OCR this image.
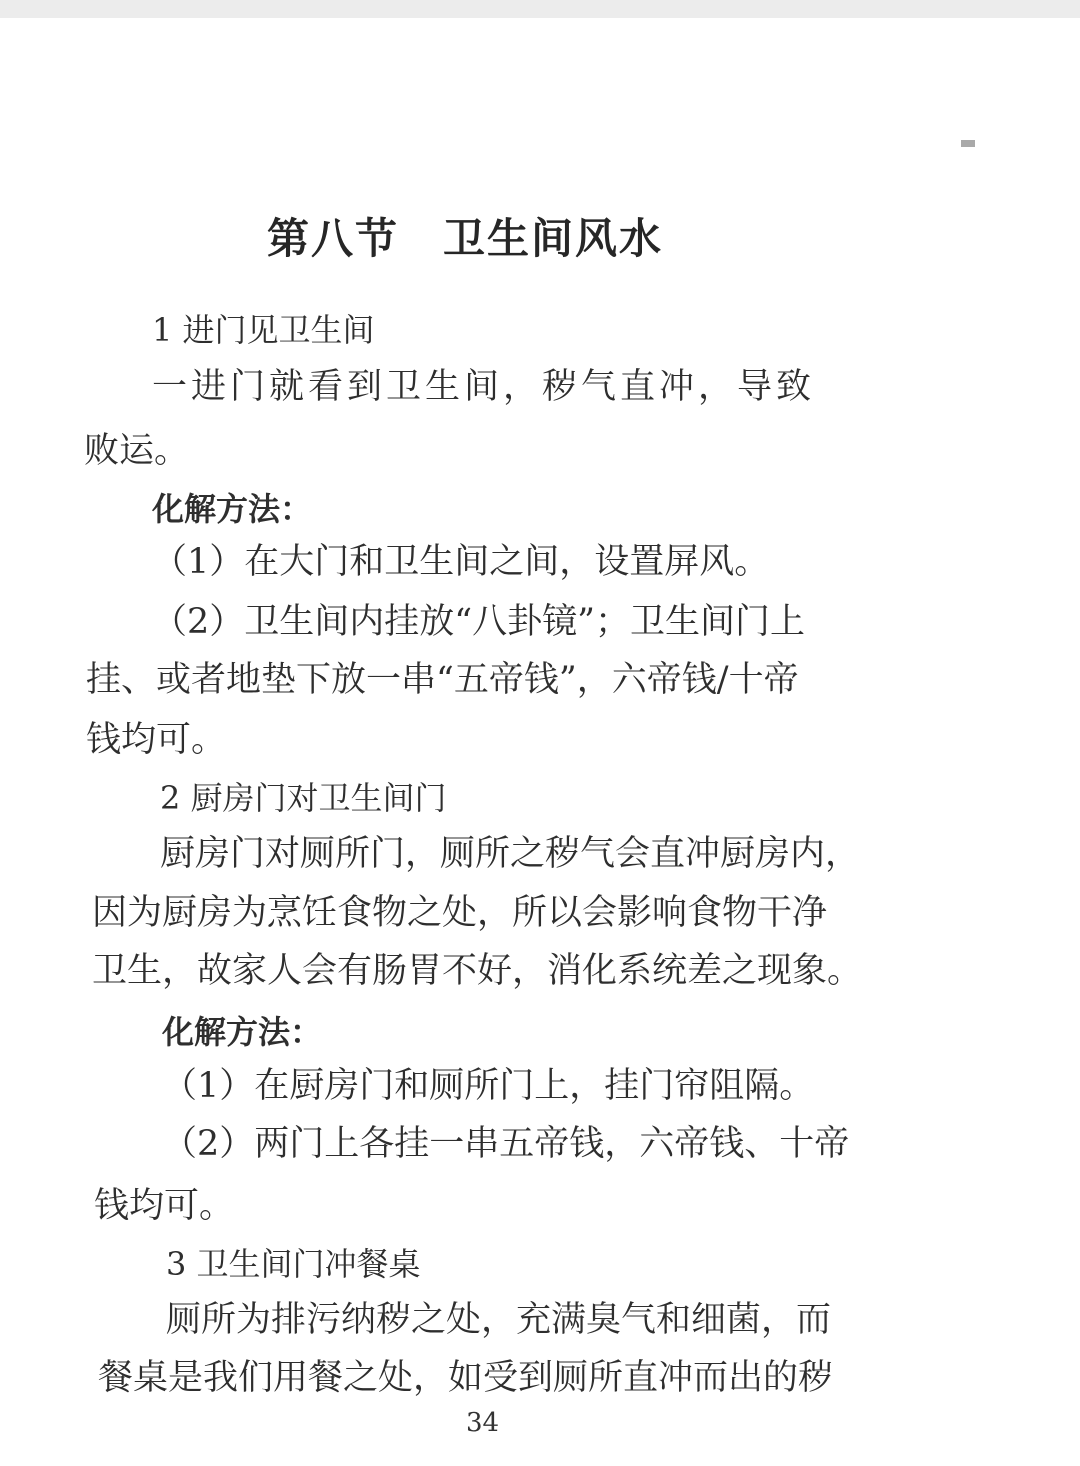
第八节　卫生间风水
1 进门见卫生间
一进门就看到卫生间，秽气直冲，导致
败运。
化解方法：
（1）在大门和卫生间之间，设置屏风。
（2）卫生间内挂放“八卦镜”；卫生间门上
挂、或者地垫下放一串“五帝钱”，六帝钱/十帝
钱均可。
2 厨房门对卫生间门
厨房门对厕所门，厕所之秽气会直冲厨房内，
因为厨房为烹饪食物之处，所以会影响食物干净
卫生，故家人会有肠胃不好，消化系统差之现象。
化解方法：
（1）在厨房门和厕所门上，挂门帘阻隔。
（2）两门上各挂一串五帝钱，六帝钱、十帝
钱均可。
3 卫生间门冲餐桌
厕所为排污纳秽之处，充满臭气和细菌，而
餐桌是我们用餐之处，如受到厕所直冲而出的秽
34
